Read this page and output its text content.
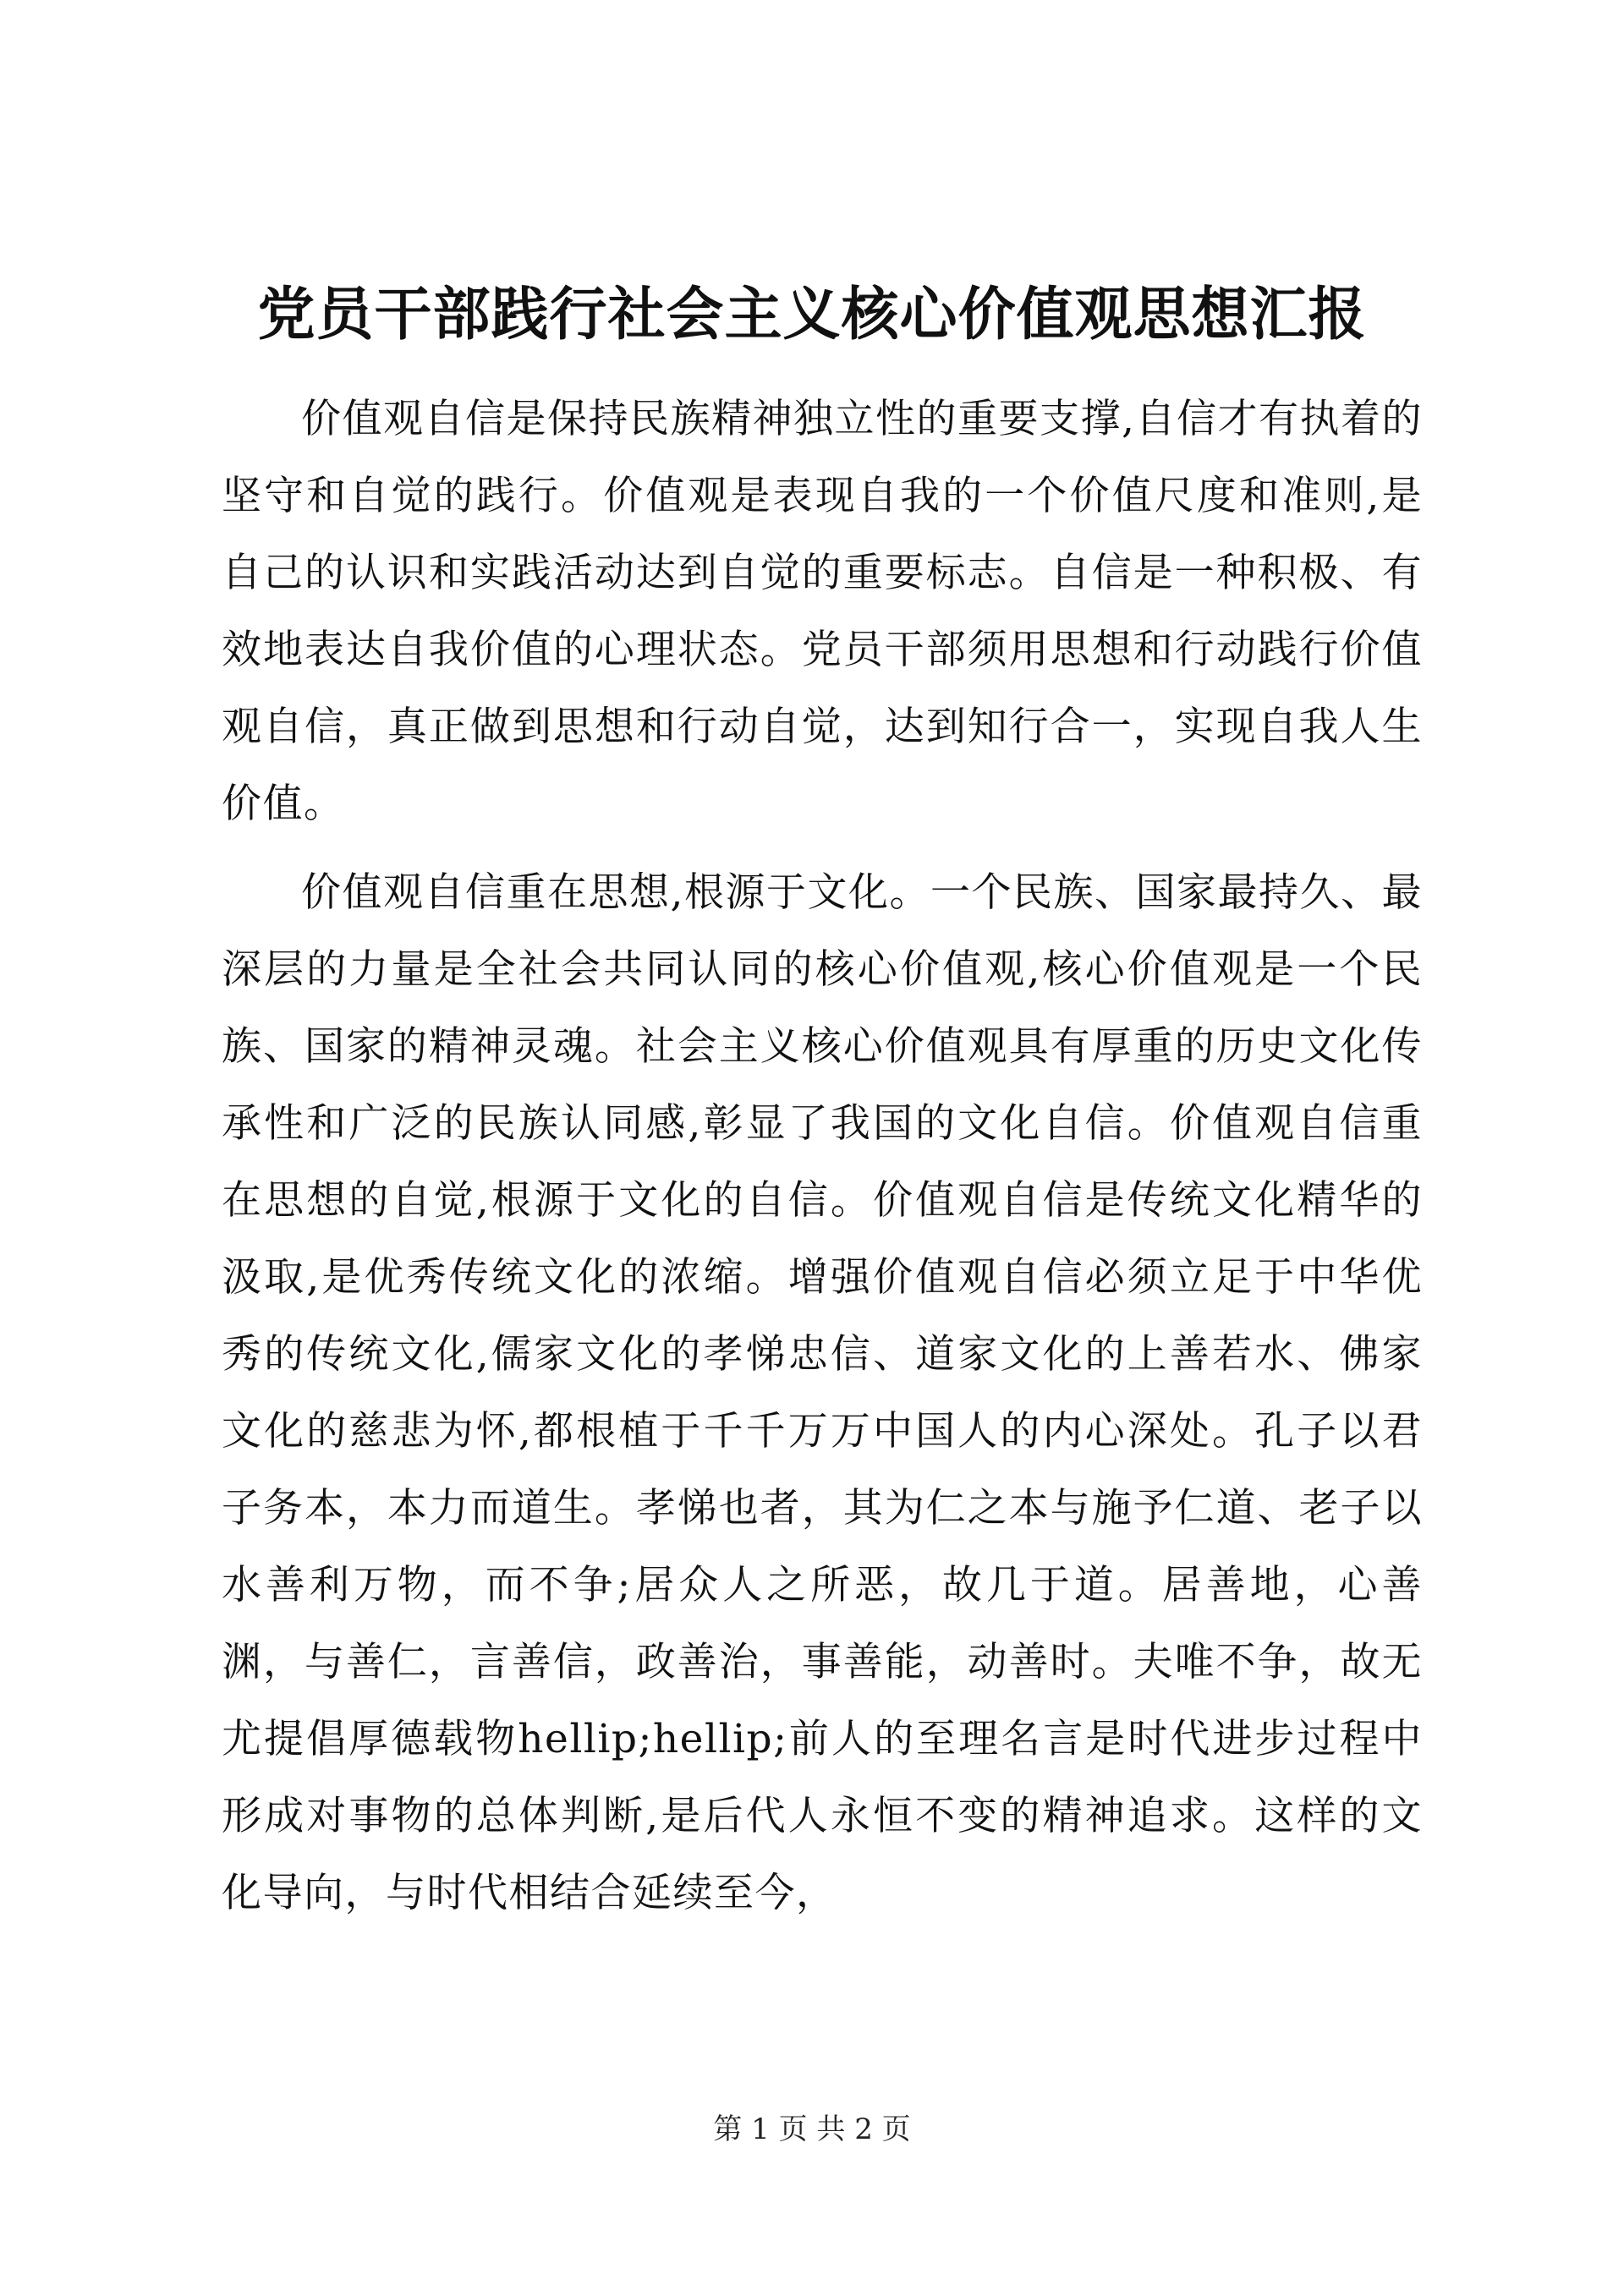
党员干部践行社会主义核心价值观思想汇报

价值观自信是保持民族精神独立性的重要支撑,自信才有执着的坚守和自觉的践行。价值观是表现自我的一个价值尺度和准则,是自己的认识和实践活动达到自觉的重要标志。自信是一种积极、有效地表达自我价值的心理状态。党员干部须用思想和行动践行价值观自信，真正做到思想和行动自觉，达到知行合一，实现自我人生价值。

价值观自信重在思想,根源于文化。一个民族、国家最持久、最深层的力量是全社会共同认同的核心价值观,核心价值观是一个民族、国家的精神灵魂。社会主义核心价值观具有厚重的历史文化传承性和广泛的民族认同感,彰显了我国的文化自信。价值观自信重在思想的自觉,根源于文化的自信。价值观自信是传统文化精华的汲取,是优秀传统文化的浓缩。增强价值观自信必须立足于中华优秀的传统文化,儒家文化的孝悌忠信、道家文化的上善若水、佛家文化的慈悲为怀,都根植于千千万万中国人的内心深处。孔子以君子务本，本力而道生。孝悌也者，其为仁之本与施予仁道、老子以水善利万物，而不争;居众人之所恶，故几于道。居善地，心善渊，与善仁，言善信，政善治，事善能，动善时。夫唯不争，故无尤提倡厚德载物hellip;hellip;前人的至理名言是时代进步过程中形成对事物的总体判断,是后代人永恒不变的精神追求。这样的文化导向，与时代相结合延续至今，

第 1 页 共 2 页
